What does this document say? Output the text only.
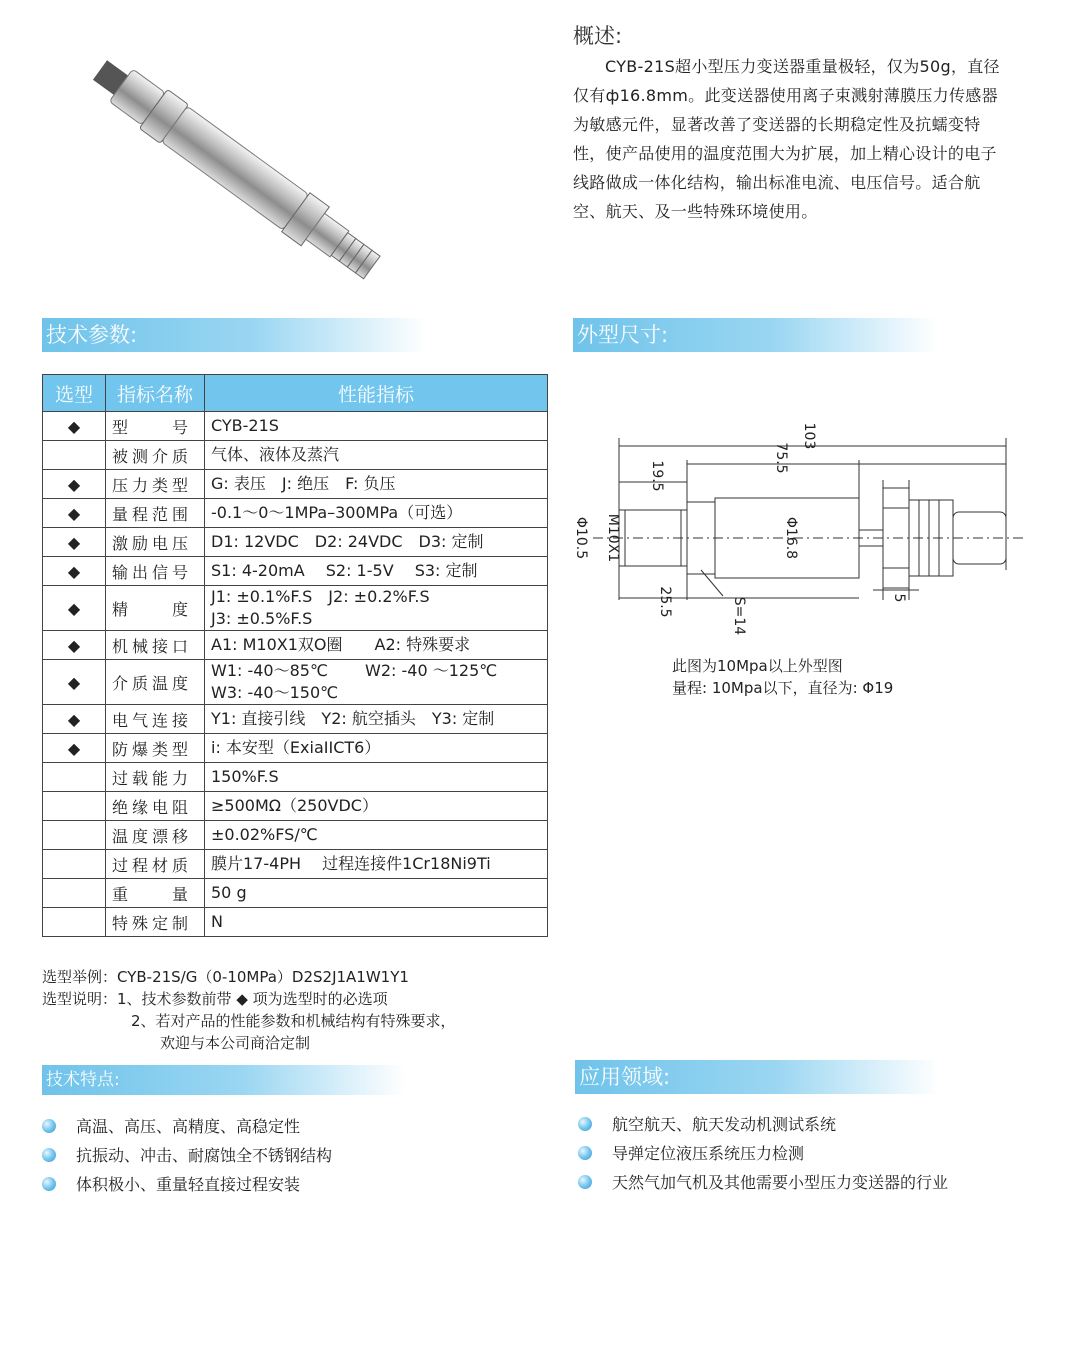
概述:
CYB-21S超小型压力变送器重量极轻，仅为50g，直径仅有ф16.8mm。此变送器使用离子束溅射薄膜压力传感器为敏感元件，显著改善了变送器的长期稳定性及抗蠕变特性，使产品使用的温度范围大为扩展，加上精心设计的电子线路做成一体化结构，输出标准电流、电压信号。适合航空、航天、及一些特殊环境使用。
技术参数:	外型尺寸:
选型	指标名称	性能指标
◆	型　　号	CYB-21S
	被测介质	气体、液体及蒸汽
◆	压力类型	G: 表压　J: 绝压　F: 负压
◆	量程范围	-0.1～0～1MPa–300MPa（可选）
◆	激励电压	D1: 12VDC　D2: 24VDC　D3: 定制
◆	输出信号	S1: 4-20mA　 S2: 1-5V　 S3: 定制
◆	精　　度	J1: ±0.1%F.S　J2: ±0.2%F.S
J3: ±0.5%F.S

◆	机械接口	A1: M10X1双O圈　　A2: 特殊要求
◆	介质温度	W1: -40～85℃　　 W2: -40 ～125℃
W3: -40～150℃

◆	电气连接	Y1: 直接引线　Y2: 航空插头　Y3: 定制
◆	防爆类型	i: 本安型（ExiaIICT6）
	过载能力	150%F.S
	绝缘电阻	≥500MΩ（250VDC）
	温度漂移	±0.02%FS/℃
	过程材质	膜片17-4PH　 过程连接件1Cr18Ni9Ti
	重　　量	50 g
	特殊定制	N
选型举例：CYB-21S/G（0-10MPa）D2S2J1A1W1Y1
选型说明：1、技术参数前带 ◆ 项为选型时的必选项
2、若对产品的性能参数和机械结构有特殊要求，
欢迎与本公司商洽定制
103
75.5
19.5
25.5
Φ10.5 M10X1	Φ16.8
S=14	5
此图为10Mpa以上外型图
量程: 10Mpa以下，直径为: Φ19
技术特点:
高温、高压、高精度、高稳定性
抗振动、冲击、耐腐蚀全不锈钢结构
体积极小、重量轻直接过程安装
应用领域:
航空航天、航天发动机测试系统
导弹定位液压系统压力检测
天然气加气机及其他需要小型压力变送器的行业
